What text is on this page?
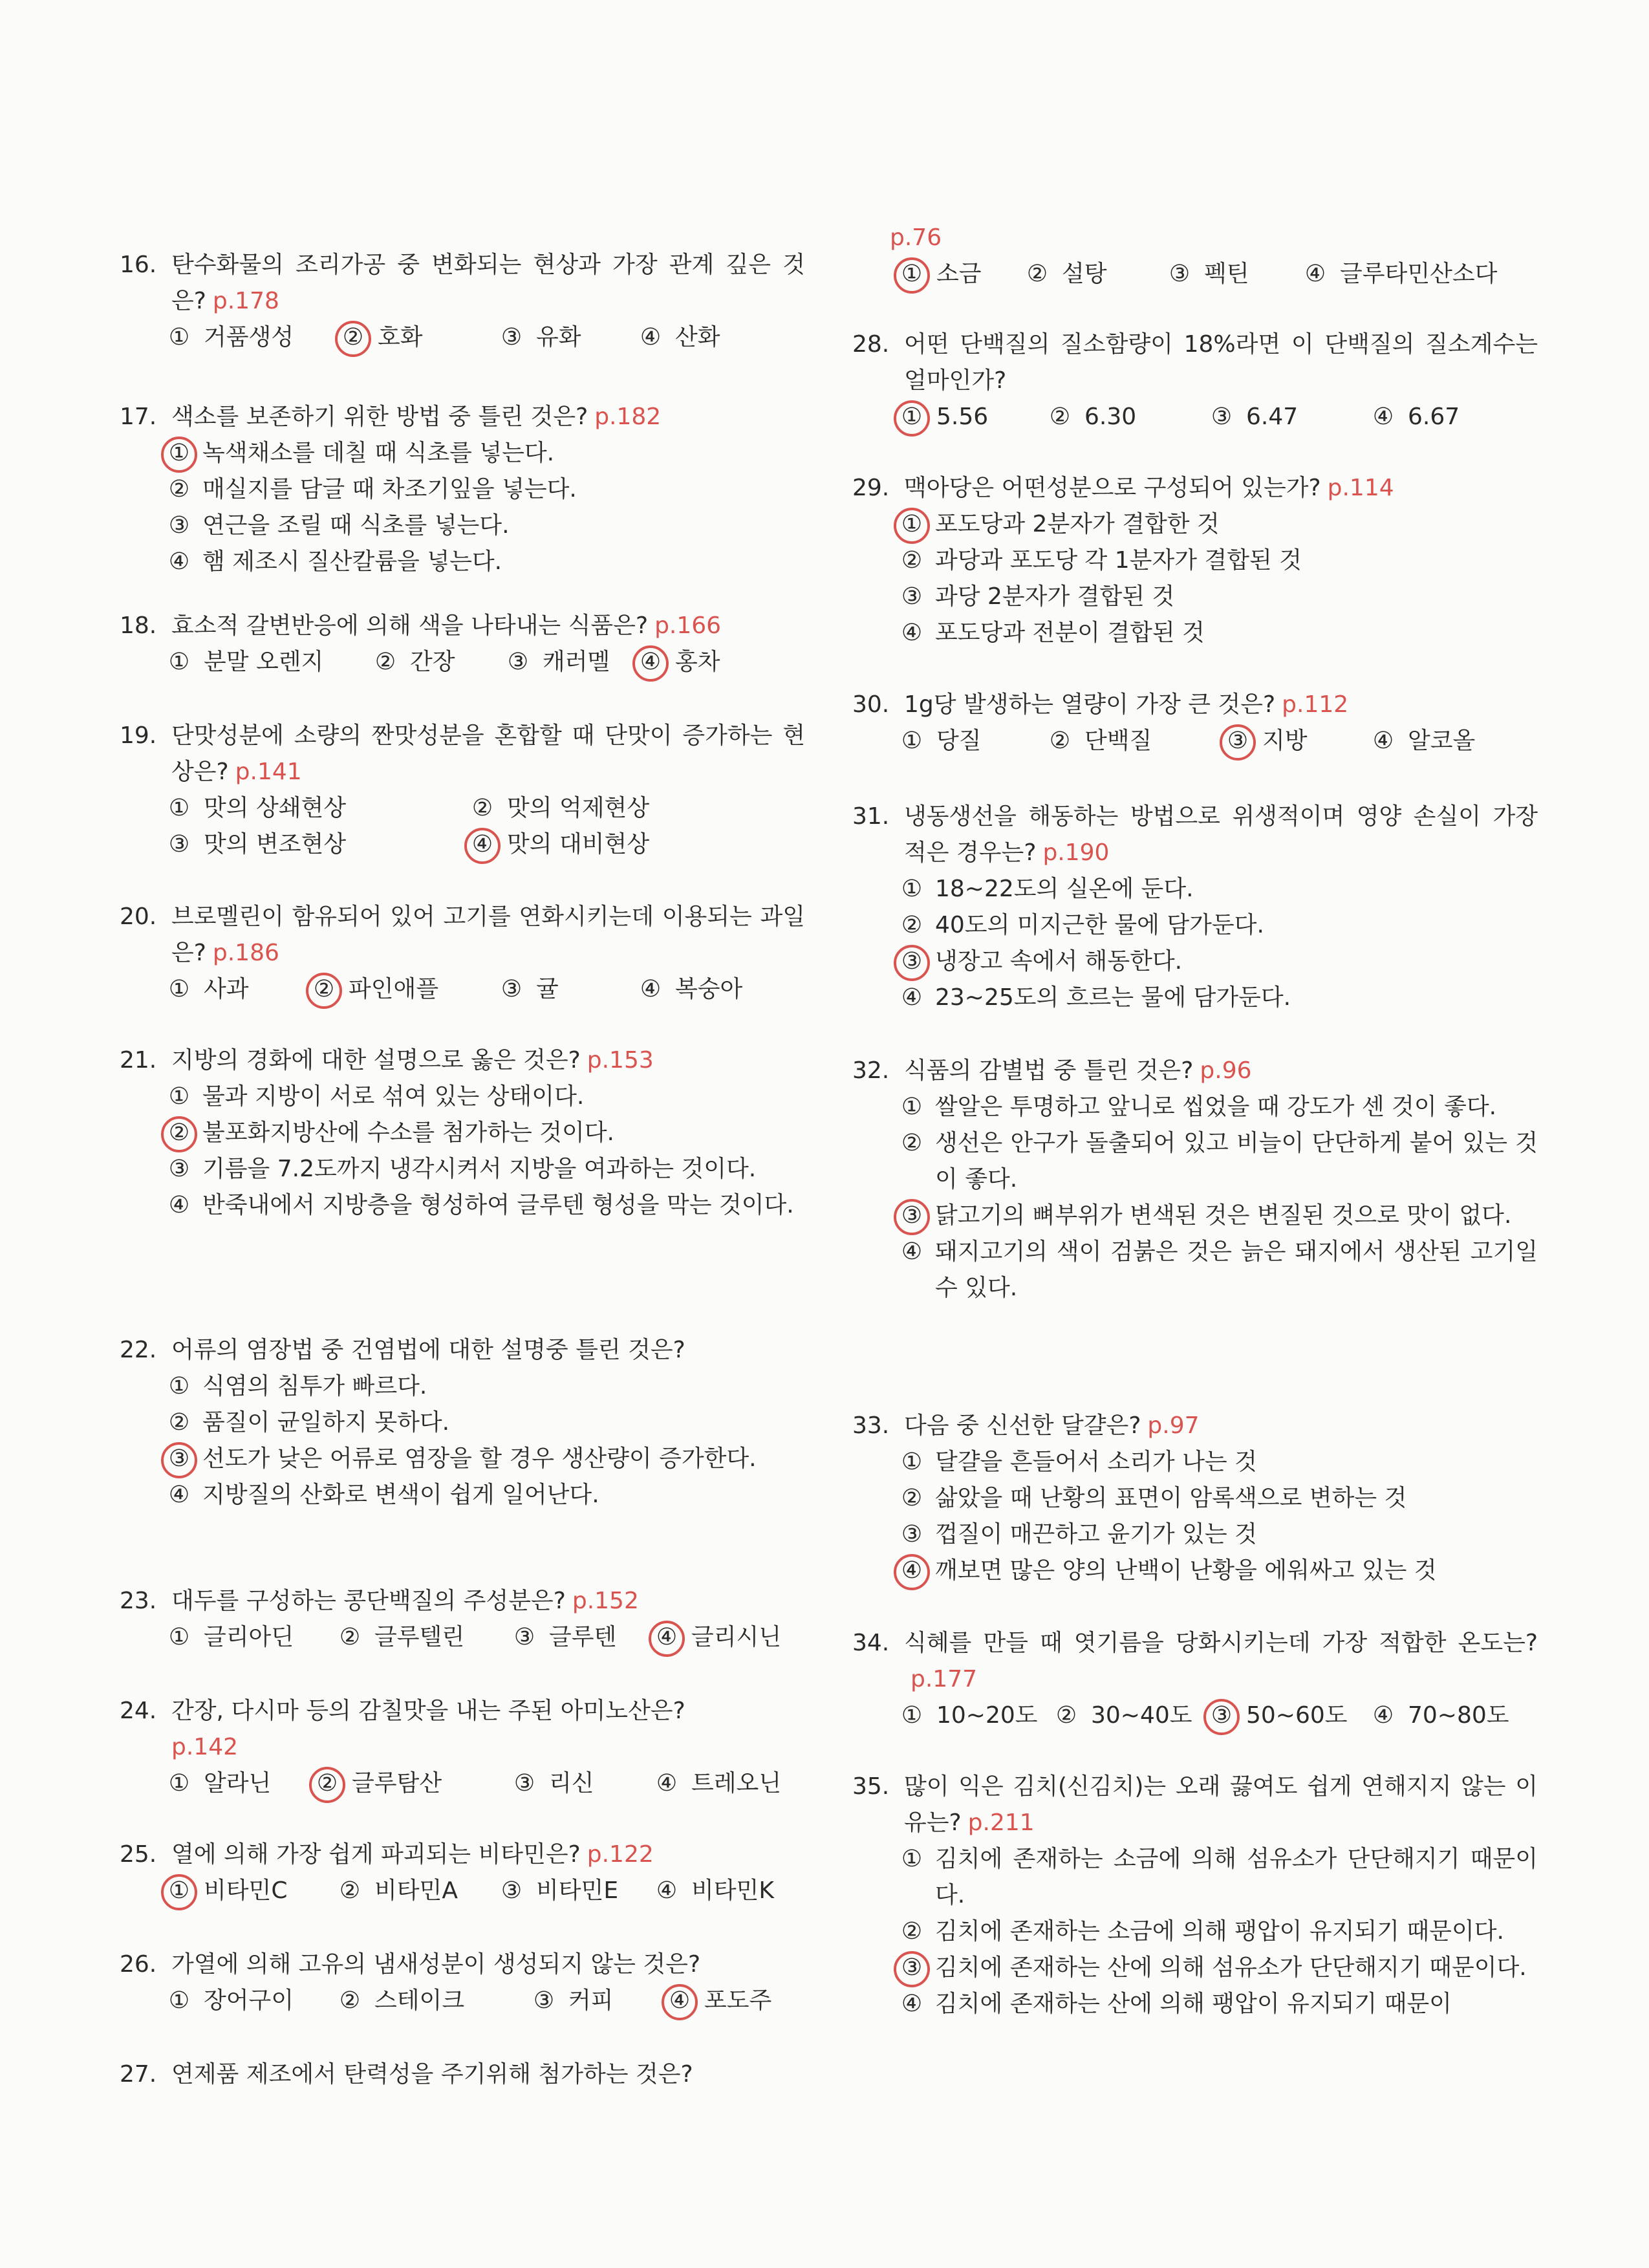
16. 탄수화물의 조리가공 중 변화되는 현상과 가장 관계 깊은 것은? p.178
① 거품생성 ② 호화	③ 유화	④ 산화
17. 색소를 보존하기 위한 방법 중 틀린 것은? p.182
① 녹색채소를 데칠 때 식초를 넣는다.
② 매실지를 담글 때 차조기잎을 넣는다.
③ 연근을 조릴 때 식초를 넣는다.
④ 햄 제조시 질산칼륨을 넣는다.
18. 효소적 갈변반응에 의해 색을 나타내는 식품은? p.166
① 분말 오렌지 ② 간장 ③ 캐러멜 ④ 홍차
19. 단맛성분에 소량의 짠맛성분을 혼합할 때 단맛이 증가하는 현상은? p.141
① 맛의 상쇄현상	② 맛의 억제현상
③ 맛의 변조현상	④ 맛의 대비현상
20. 브로멜린이 함유되어 있어 고기를 연화시키는데 이용되는 과일은? p.186
① 사과	② 파인애플	③ 귤	④ 복숭아
21. 지방의 경화에 대한 설명으로 옳은 것은? p.153
① 물과 지방이 서로 섞여 있는 상태이다.
② 불포화지방산에 수소를 첨가하는 것이다.
③ 기름을 7.2도까지 냉각시켜서 지방을 여과하는 것이다.
④ 반죽내에서 지방층을 형성하여 글루텐 형성을 막는 것이다.
22. 어류의 염장법 중 건염법에 대한 설명중 틀린 것은?
① 식염의 침투가 빠르다.
② 품질이 균일하지 못하다.
③ 선도가 낮은 어류로 염장을 할 경우 생산량이 증가한다.
④ 지방질의 산화로 변색이 쉽게 일어난다.
23. 대두를 구성하는 콩단백질의 주성분은? p.152
① 글리아딘 ② 글루텔린 ③ 글루텐 ④ 글리시닌
24. 간장, 다시마 등의 감칠맛을 내는 주된 아미노산은?
p.142
① 알라닌 ② 글루탐산	③ 리신	④ 트레오닌
25. 열에 의해 가장 쉽게 파괴되는 비타민은? p.122
① 비타민C ② 비타민A ③ 비타민E ④ 비타민K
26. 가열에 의해 고유의 냄새성분이 생성되지 않는 것은?
① 장어구이 ② 스테이크	③ 커피 ④ 포도주
27. 연제품 제조에서 탄력성을 주기위해 첨가하는 것은?
p.76
① 소금 ② 설탕	③ 펙틴 ④ 글루타민산소다
28. 어떤 단백질의 질소함량이 18%라면 이 단백질의 질소계수는 얼마인가?
① 5.56	② 6.30	③ 6.47	④ 6.67
29. 맥아당은 어떤성분으로 구성되어 있는가? p.114
① 포도당과 2분자가 결합한 것
② 과당과 포도당 각 1분자가 결합된 것
③ 과당 2분자가 결합된 것
④ 포도당과 전분이 결합된 것
30. 1g당 발생하는 열량이 가장 큰 것은? p.112
① 당질	② 단백질	③ 지방	④ 알코올
31. 냉동생선을 해동하는 방법으로 위생적이며 영양 손실이 가장 적은 경우는? p.190
① 18~22도의 실온에 둔다.
② 40도의 미지근한 물에 담가둔다.
③ 냉장고 속에서 해동한다.
④ 23~25도의 흐르는 물에 담가둔다.
32. 식품의 감별법 중 틀린 것은? p.96
① 쌀알은 투명하고 앞니로 씹었을 때 강도가 센 것이 좋다.
② 생선은 안구가 돌출되어 있고 비늘이 단단하게 붙어 있는 것이 좋다.
③ 닭고기의 뼈부위가 변색된 것은 변질된 것으로 맛이 없다.
④ 돼지고기의 색이 검붉은 것은 늙은 돼지에서 생산된 고기일 수 있다.
33. 다음 중 신선한 달걀은? p.97
① 달걀을 흔들어서 소리가 나는 것
② 삶았을 때 난황의 표면이 암록색으로 변하는 것
③ 껍질이 매끈하고 윤기가 있는 것
④ 깨보면 많은 양의 난백이 난황을 에워싸고 있는 것
34. 식혜를 만들 때 엿기름을 당화시키는데 가장 적합한 온도는?p.177
① 10~20도 ② 30~40도 ③ 50~60도 ④ 70~80도
35. 많이 익은 김치(신김치)는 오래 끓여도 쉽게 연해지지 않는 이유는? p.211
① 김치에 존재하는 소금에 의해 섬유소가 단단해지기 때문이다.
② 김치에 존재하는 소금에 의해 팽압이 유지되기 때문이다.
③ 김치에 존재하는 산에 의해 섬유소가 단단해지기 때문이다.
④ 김치에 존재하는 산에 의해 팽압이 유지되기 때문이
